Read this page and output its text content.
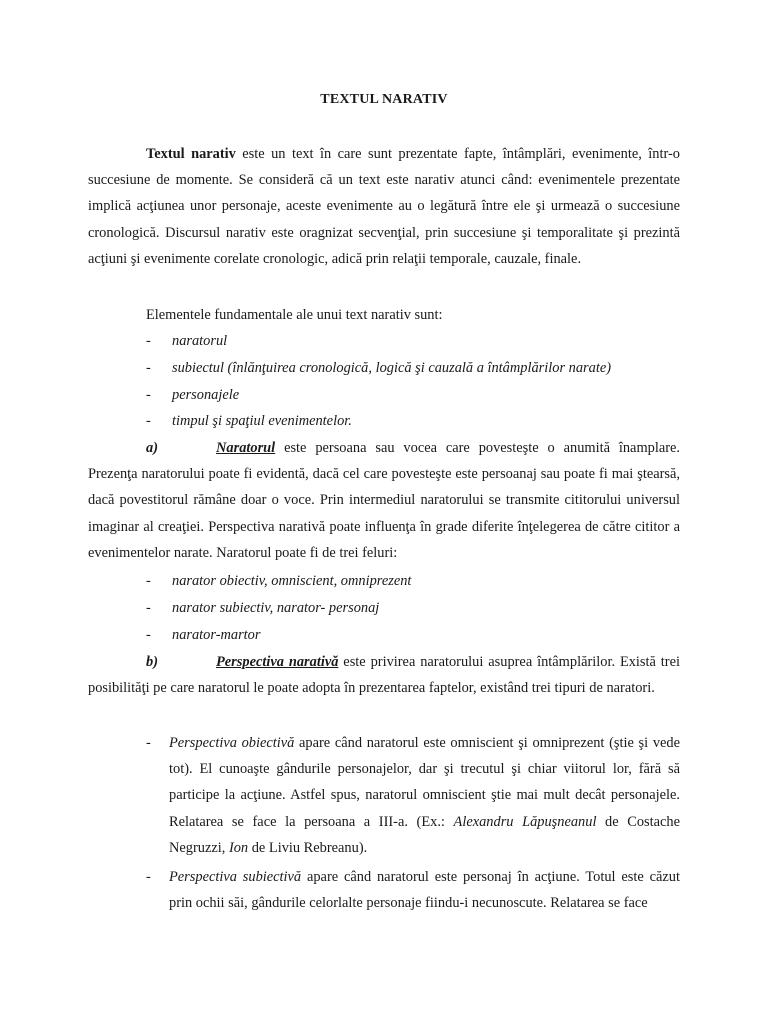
TEXTUL NARATIV

Textul narativ este un text în care sunt prezentate fapte, întâmplări, evenimente, într-o succesiune de momente. Se consideră că un text este narativ atunci când: evenimentele prezentate implică acţiunea unor personaje, aceste evenimente au o legătură între ele şi urmează o succesiune cronologică. Discursul narativ este oragnizat secvenţial, prin succesiune şi temporalitate şi prezintă acţiuni şi evenimente corelate cronologic, adică prin relaţii temporale, cauzale, finale.

Elementele fundamentale ale unui text narativ sunt:

- naratorul

- subiectul (înlănţuirea cronologică, logică şi cauzală a întâmplărilor narate)

- personajele

- timpul şi spaţiul evenimentelor.

a)	Naratorul este persoana sau vocea care povesteşte o anumită înamplare. Prezenţa naratorului poate fi evidentă, dacă cel care povesteşte este persoanaj sau poate fi mai ştearsă, dacă povestitorul rămâne doar o voce. Prin intermediul naratorului se transmite cititorului universul imaginar al creaţiei. Perspectiva narativă poate influenţa în grade diferite înţelegerea de către cititor a evenimentelor narate. Naratorul poate fi de trei feluri:

- narator obiectiv, omniscient, omniprezent

- narator subiectiv, narator- personaj

- narator-martor

b)	Perspectiva narativă este privirea naratorului asuprea întâmplărilor. Există trei posibilităţi pe care naratorul le poate adopta în prezentarea faptelor, existând trei tipuri de naratori.

- Perspectiva obiectivă apare când naratorul este omniscient şi omniprezent (ştie şi vede tot). El cunoaşte gândurile personajelor, dar şi trecutul şi chiar viitorul lor, fără să participe la acţiune. Astfel spus, naratorul omniscient ştie mai mult decât personajele. Relatarea se face la persoana a III-a. (Ex.: Alexandru Lăpuşneanul de Costache Negruzzi, Ion de Liviu Rebreanu).

- Perspectiva subiectivă apare când naratorul este personaj în acţiune. Totul este căzut prin ochii săi, gândurile celorlalte personaje fiindu-i necunoscute. Relatarea se face
